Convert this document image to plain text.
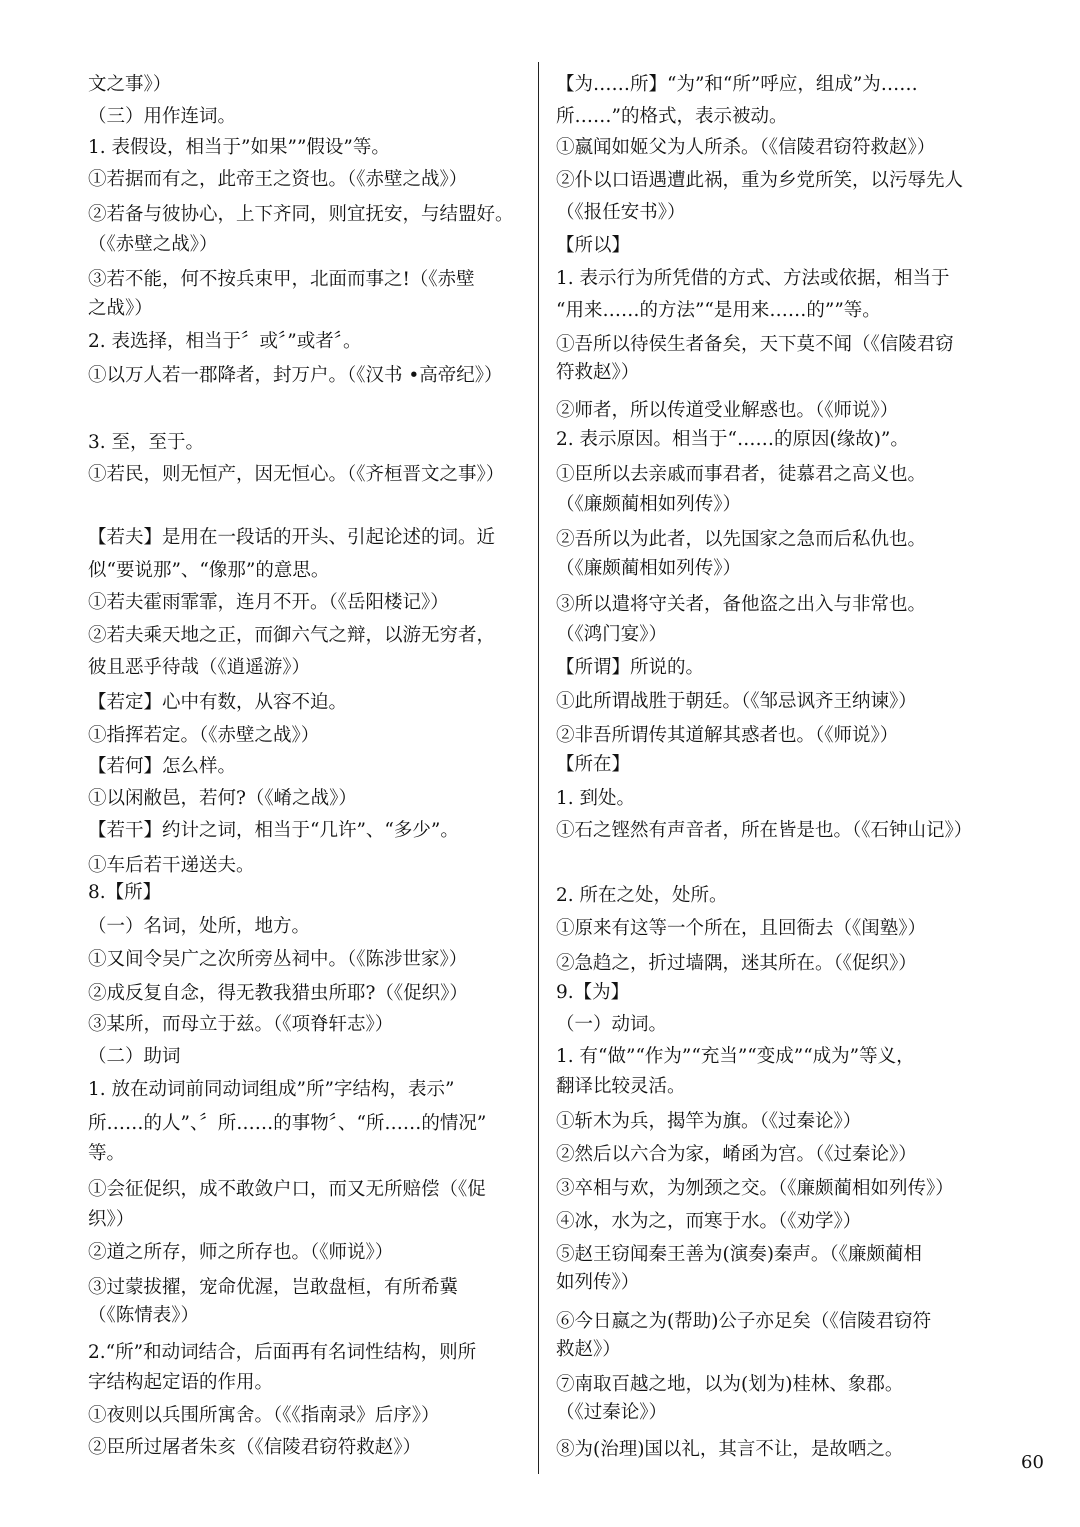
文之事》）
（三）用作连词。
1. 表假设，相当于”如果””假设”等。
①若据而有之，此帝王之资也。（《赤壁之战》）
②若备与彼协心，上下齐同，则宜抚安，与结盟好。
（《赤壁之战》）
③若不能，何不按兵束甲，北面而事之!（《赤壁
之战》）
2. 表选择，相当于〞或〞”或者〞。
①以万人若一郡降者，封万户。（《汉书 •高帝纪》）
3. 至，至于。
①若民，则无恒产，因无恒心。（《齐桓晋文之事》）
【若夫】是用在一段话的开头、引起论述的词。近
似“要说那”、“像那”的意思。
①若夫霍雨霏霏，连月不开。（《岳阳楼记》）
②若夫乘天地之正，而御六气之辩，以游无穷者，
彼且恶乎待哉（《逍遥游》）
【若定】心中有数，从容不迫。
①指挥若定。（《赤壁之战》）
【若何】怎么样。
①以闲敝邑，若何?（《崤之战》）
【若干】约计之词，相当于“几许”、“多少”。
①车后若干递送夫。
8.【所】
（一）名词，处所，地方。
①又间令吴广之次所旁丛祠中。（《陈涉世家》）
②成反复自念，得无教我猎虫所耶?（《促织》）
③某所，而母立于兹。（《项脊轩志》）
（二）助词
1. 放在动词前同动词组成”所”字结构，表示”
所……的人”、〞所……的事物〞、“所……的情况”
等。
①会征促织，成不敢敛户口，而又无所赔偿（《促
织》）
②道之所存，师之所存也。（《师说》）
③过蒙拔擢，宠命优渥，岂敢盘桓，有所希冀
（《陈情表》）
2.“所”和动词结合，后面再有名词性结构，则所
字结构起定语的作用。
①夜则以兵围所寓舍。（《《指南录》后序》）
②臣所过屠者朱亥（《信陵君窃符救赵》）
【为……所】“为”和“所”呼应，组成”为……
所……”的格式，表示被动。
①嬴闻如姬父为人所杀。（《信陵君窃符救赵》）
②仆以口语遇遭此祸，重为乡党所笑，以污辱先人
（《报任安书》）
【所以】
1. 表示行为所凭借的方式、方法或依据，相当于
“用来……的方法”“是用来……的””等。
①吾所以待侯生者备矣，天下莫不闻（《信陵君窃
符救赵》）
②师者，所以传道受业解惑也。（《师说》）
2. 表示原因。相当于“……的原因(缘故)”。
①臣所以去亲戚而事君者，徒慕君之高义也。
（《廉颇蔺相如列传》）
②吾所以为此者，以先国家之急而后私仇也。
（《廉颇蔺相如列传》）
③所以遣将守关者，备他盗之出入与非常也。
（《鸿门宴》）
【所谓】所说的。
①此所谓战胜于朝廷。（《邹忌讽齐王纳谏》）
②非吾所谓传其道解其惑者也。（《师说》）
【所在】
1. 到处。
①石之铿然有声音者，所在皆是也。（《石钟山记》）
2. 所在之处，处所。
①原来有这等一个所在，且回衙去（《闺塾》）
②急趋之，折过墙隅，迷其所在。（《促织》）
9.【为】
（一）动词。
1. 有“做”“作为”“充当”“变成”“成为”等义，
翻译比较灵活。
①斩木为兵，揭竿为旗。（《过秦论》）
②然后以六合为家，崤函为宫。（《过秦论》）
③卒相与欢，为刎颈之交。（《廉颇蔺相如列传》）
④冰，水为之，而寒于水。（《劝学》）
⑤赵王窃闻秦王善为(演奏)秦声。（《廉颇蔺相
如列传》）
⑥今日嬴之为(帮助)公子亦足矣（《信陵君窃符
救赵》）
⑦南取百越之地，以为(划为)桂林、象郡。
（《过秦论》）
⑧为(治理)国以礼，其言不让，是故哂之。
60
